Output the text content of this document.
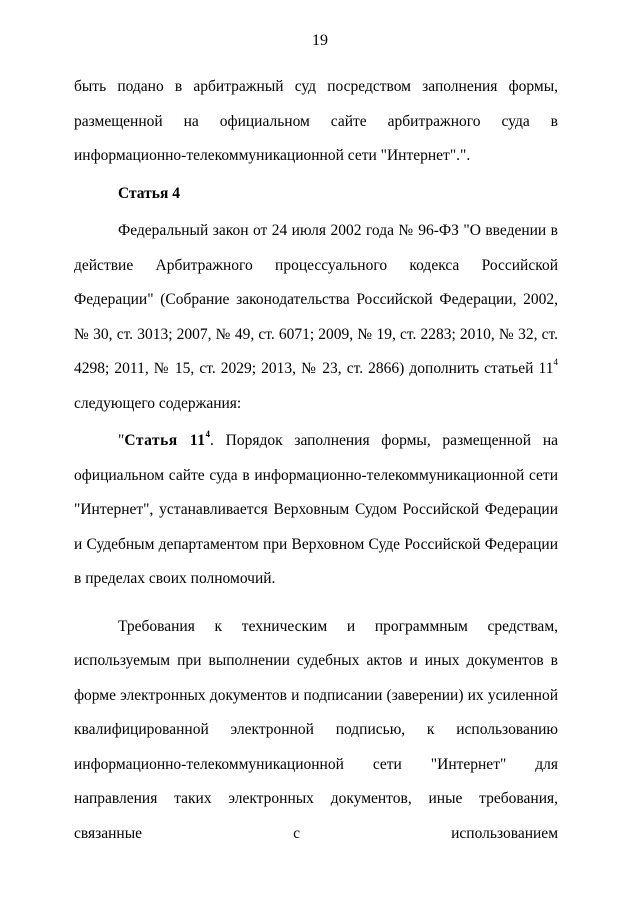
19

быть подано в арбитражный суд посредством заполнения формы, размещенной на официальном сайте арбитражного суда в информационно-телекоммуникационной сети "Интернет".".

Статья 4

Федеральный закон от 24 июля 2002 года № 96-ФЗ "О введении в действие Арбитражного процессуального кодекса Российской Федерации" (Собрание законодательства Российской Федерации, 2002, № 30, ст. 3013; 2007, № 49, ст. 6071; 2009, № 19, ст. 2283; 2010, № 32, ст. 4298; 2011, № 15, ст. 2029; 2013, № 23, ст. 2866) дополнить статьей $11^4$ следующего содержания:

"Статья $11^4$. Порядок заполнения формы, размещенной на официальном сайте суда в информационно-телекоммуникационной сети "Интернет", устанавливается Верховным Судом Российской Федерации и Судебным департаментом при Верховном Суде Российской Федерации в пределах своих полномочий.

Требования к техническим и программным средствам, используемым при выполнении судебных актов и иных документов в форме электронных документов и подписании (заверении) их усиленной квалифицированной электронной подписью, к использованию информационно-телекоммуникационной сети "Интернет" для направления таких электронных документов, иные требования, связанные с использованием
